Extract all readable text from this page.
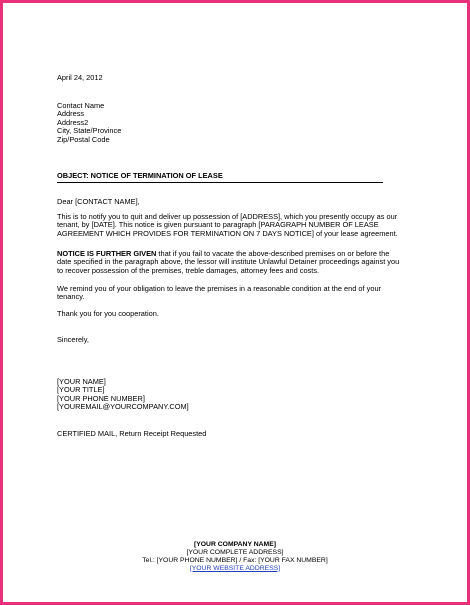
April 24, 2012
Contact Name
Address
Address2
City, State/Province
Zip/Postal Code
OBJECT: NOTICE OF TERMINATION OF LEASE
Dear [CONTACT NAME],
This is to notify you to quit and deliver up possession of [ADDRESS], which you presently occupy as our
tenant, by [DATE]. This notice is given pursuant to paragraph [PARAGRAPH NUMBER OF LEASE
AGREEMENT WHICH PROVIDES FOR TERMINATION ON 7 DAYS NOTICE] of your lease agreement.
NOTICE IS FURTHER GIVEN that if you fail to vacate the above-described premises on or before the
date specified in the paragraph above, the lessor will institute Unlawful Detainer proceedings against you
to recover possession of the premises, treble damages, attorney fees and costs.
We remind you of your obligation to leave the premises in a reasonable condition at the end of your
tenancy.
Thank you for you cooperation.
Sincerely,
[YOUR NAME]
[YOUR TITLE]
[YOUR PHONE NUMBER]
[YOUREMAIL@YOURCOMPANY.COM]
CERTIFIED MAIL, Return Receipt Requested
[YOUR COMPANY NAME]
[YOUR COMPLETE ADDRESS]
Tel.: [YOUR PHONE NUMBER] / Fax: [YOUR FAX NUMBER]
[YOUR WEBSITE ADDRESS]
